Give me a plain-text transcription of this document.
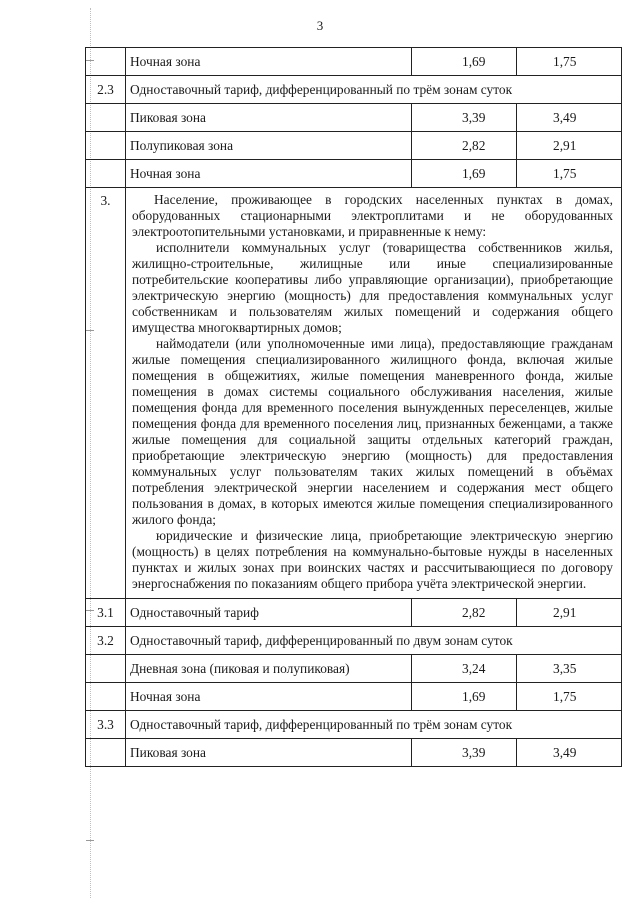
3
	Ночная зона	1,69	1,75
2.3	Одноставочный тариф, дифференцированный по трём зонам суток		
	Пиковая зона	3,39	3,49
	Полупиковая зона	2,82	2,91
	Ночная зона	1,69	1,75
3.	Население, проживающее в городских населенных пунктах в домах, оборудованных стационарными электроплитами и не оборудованных электроотопительными установками, и приравненные к нему:

исполнители коммунальных услуг (товарищества собственников жилья, жилищно-строительные, жилищные или иные специализированные потребительские кооперативы либо управляющие организации), приобретающие электрическую энергию (мощность) для предоставления коммунальных услуг собственникам и пользователям жилых помещений и содержания общего имущества многоквартирных домов;

наймодатели (или уполномоченные ими лица), предоставляющие гражданам жилые помещения специализированного жилищного фонда, включая жилые помещения в общежитиях, жилые помещения маневренного фонда, жилые помещения в домах системы социального обслуживания населения, жилые помещения фонда для временного поселения вынужденных переселенцев, жилые помещения фонда для временного поселения лиц, признанных беженцами, а также жилые помещения для социальной защиты отдельных категорий граждан, приобретающие электрическую энергию (мощность) для предоставления коммунальных услуг пользователям таких жилых помещений в объёмах потребления электрической энергии населением и содержания мест общего пользования в домах, в которых имеются жилые помещения специализированного жилого фонда;

юридические и физические лица, приобретающие электрическую энергию (мощность) в целях потребления на коммунально-бытовые нужды в населенных пунктах и жилых зонах при воинских частях и рассчитывающиеся по договору энергоснабжения по показаниям общего прибора учёта электрической энергии.		

3.1	Одноставочный тариф	2,82	2,91
3.2	Одноставочный тариф, дифференцированный по двум зонам суток		
	Дневная зона (пиковая и полупиковая)	3,24	3,35
	Ночная зона	1,69	1,75
3.3	Одноставочный тариф, дифференцированный по трём зонам суток		
	Пиковая зона	3,39	3,49
